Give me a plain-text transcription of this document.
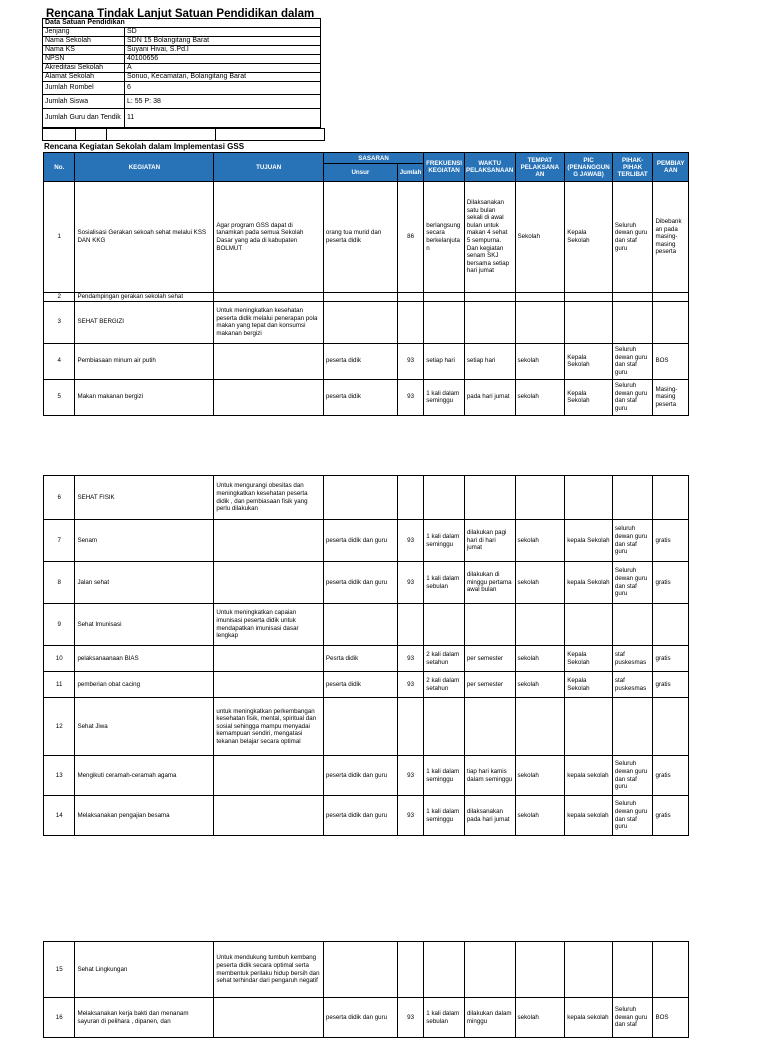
Rencana Tindak Lanjut Satuan Pendidikan dalam
Data Satuan Pendidikan	
Jenjang	SD
Nama Sekolah	SDN 15 Bolangitang Barat
Nama KS	Suyani Hivai, S.Pd.I
NPSN	40100656
Akreditasi Sekolah	A
Alamat Sekolah	Sonuo, Kecamatan, Bolangitang Barat
Jumlah Rombel	6
Jumlah Siswa	L: 55 P: 38
Jumlah Guru dan Tendik	11

Rencana Kegiatan Sekolah dalam Implementasi GSS
No.	KEGIATAN	TUJUAN	SASARAN		FREKUENSI KEGIATAN	WAKTU PELAKSANAAN	TEMPAT PELAKSANA AN	PIC (PENANGGUN G JAWAB)	PIHAK-PIHAK TERLIBAT	PEMBIAY AAN
			Unsur	Jumlah						
1	Sosialisasi Gerakan sekoah sehat melalui KSS DAN KKG	Agar program GSS dapat di tanamkan pada semua Sekolah Dasar yang ada di kabupaten BOLMUT	orang tua murid dan peserta didik	86	berlangsung secara berkelanjuta n	Dilaksanakan satu bulan sekali di awal bulan untuk makan 4 sehat 5 sempurna. Dan kegiatan senam SKJ bersama setiap hari jumat	Sekolah	Kepala Sekolah	Seluruh dewan guru dan staf guru	Dibebank an pada masing-masing peserta
2	Pendampingan gerakan sekolah sehat									
3	SEHAT BERGIZI	Untuk meningkatkan kesehatan peserta didik melalui penerapan pola makan yang tepat dan konsumsi makanan bergizi								
4	Pembiasaan minum air putih		peserta didik	93	setiap hari	setiap hari	sekolah	Kepala Sekolah	Seluruh dewan guru dan staf guru	BOS
5	Makan makanan bergizi		peserta didik	93	1 kali dalam seminggu	pada hari jumat	sekolah	Kepala Sekolah	Seluruh dewan guru dan staf guru	Masing-masing peserta
6	SEHAT FISIK	Untuk mengurangi obesitas dan meningkatkan kesehatan peserta didik , dan pembiasaan fisik yang perlu dilakukan								
7	Senam		peserta didik dan guru	93	1 kali dalam seminggu	dilakukan pagi hari di hari jumat	sekolah	kepala Sekolah	seluruh dewan guru dan staf guru	gratis
8	Jalan sehat		peserta didik dan guru	93	1 kali dalam sebulan	dilakukan di minggu pertama awal bulan	sekolah	kepala Sekolah	Seluruh dewan guru dan staf guru	gratis
9	Sehat Imunisasi	Untuk meningkatkan capaian imunisasi peserta didik untuk mendapatkan imunisasi dasar lengkap								
10	pelaksanaanaan BIAS		Pesrta didik	93	2 kali dalam setahun	per semester	sekolah	Kepala Sekolah	staf puskesmas	gratis
11	pemberian obat cacing		peserta didik	93	2 kali dalam setahun	per semester	sekolah	Kepala Sekolah	staf puskesmas	gratis
12	Sehat Jiwa	untuk meningkatkan perkembangan kesehatan fisik, mental, spiritual dan sosial sehingga mampu menyadai kemampuan sendiri, mengatasi tekanan belajar secara optimal								
13	Mengikuti ceramah-ceramah agama		peserta didik dan guru	93	1 kali dalam seminggu	tiap hari kamis dalam seminggu	sekolah	kepala sekolah	Seluruh dewan guru dan staf guru	gratis
14	Melaksanakan pengajian besama		peserta didik dan guru	93	1 kali dalam seminggu	dilaksanakan pada hari jumat	sekolah	kepala sekolah	Seluruh dewan guru dan staf guru	gratis
15	Sehat Lingkungan	Untuk mendukung tumbuh kembang peserta didik secara optimal serta membentuk perilaku hidup bersih dan sehat terhindar dari pengaruh negatif								
16	Melaksanakan kerja bakti dan menanam sayuran di pelihara , dipanen, dan		peserta didik dan guru	93	1 kali dalam sebulan	dilakukan dalam minggu	sekolah	kepala sekolah	Seluruh dewan guru dan staf	BOS
